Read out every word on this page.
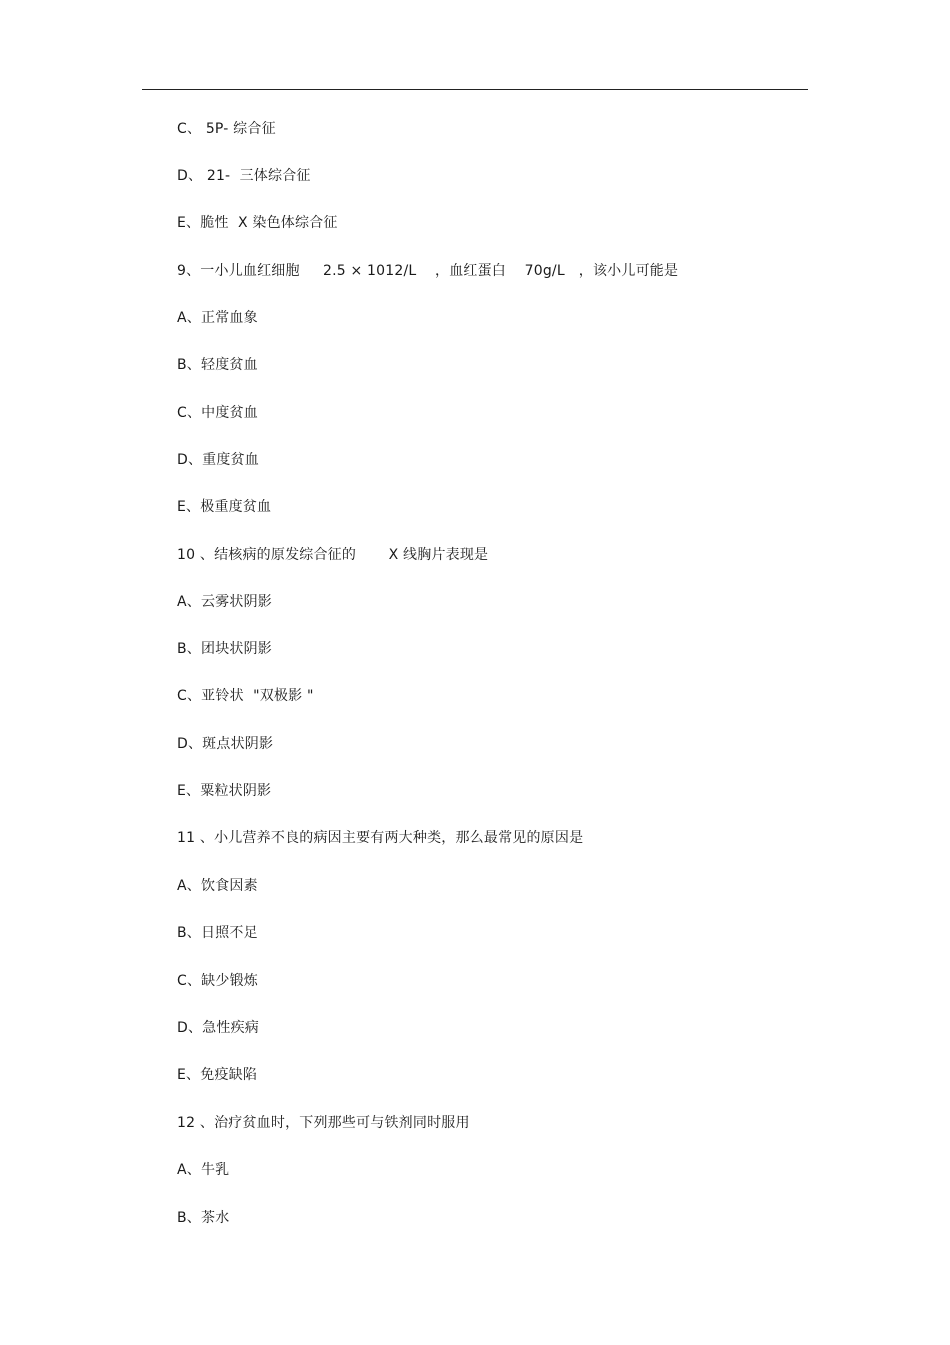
C、 5P- 综合征
D、 21-  三体综合征
E、脆性  X 染色体综合征
9、一小儿血红细胞     2.5 × 1012/L    ，血红蛋白    70g/L   ，该小儿可能是
A、正常血象
B、轻度贫血
C、中度贫血
D、重度贫血
E、极重度贫血
10 、结核病的原发综合征的       X 线胸片表现是
A、云雾状阴影
B、团块状阴影
C、亚铃状  "双极影 "
D、斑点状阴影
E、粟粒状阴影
11 、小儿营养不良的病因主要有两大种类，那么最常见的原因是
A、饮食因素
B、日照不足
C、缺少锻炼
D、急性疾病
E、免疫缺陷
12 、治疗贫血时，下列那些可与铁剂同时服用
A、牛乳
B、茶水
